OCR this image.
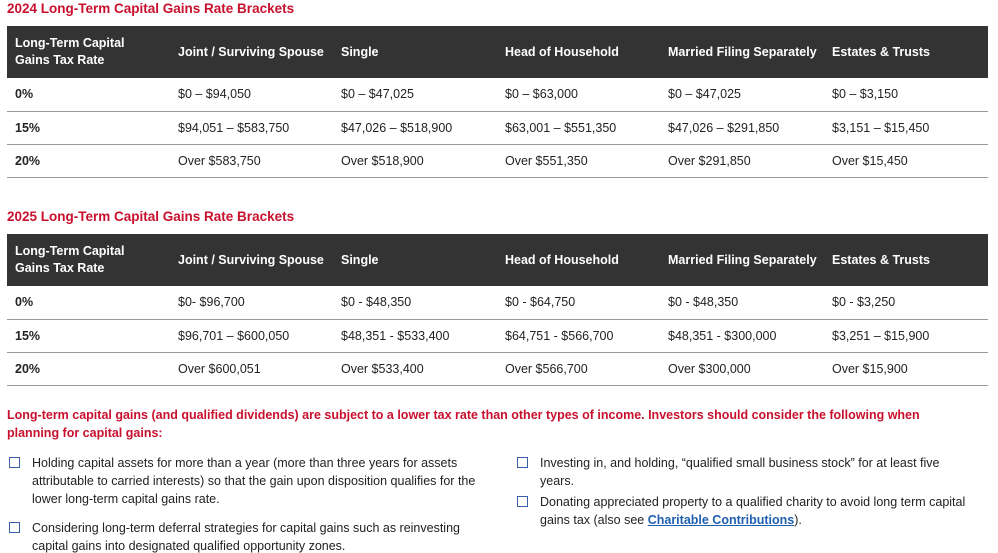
2024 Long-Term Capital Gains Rate Brackets
Long-Term Capital Gains Tax Rate	Joint / Surviving Spouse	Single	Head of Household	Married Filing Separately	Estates & Trusts
0%	$0 – $94,050	$0 – $47,025	$0 – $63,000	$0 – $47,025	$0 – $3,150
15%	$94,051 – $583,750	$47,026 – $518,900	$63,001 – $551,350	$47,026 – $291,850	$3,151 – $15,450
20%	Over $583,750	Over $518,900	Over $551,350	Over $291,850	Over $15,450
2025 Long-Term Capital Gains Rate Brackets
Long-Term Capital Gains Tax Rate	Joint / Surviving Spouse	Single	Head of Household	Married Filing Separately	Estates & Trusts
0%	$0- $96,700	$0 - $48,350	$0 - $64,750	$0 - $48,350	$0 - $3,250
15%	$96,701 – $600,050	$48,351 - $533,400	$64,751 - $566,700	$48,351 - $300,000	$3,251 – $15,900
20%	Over $600,051	Over $533,400	Over $566,700	Over $300,000	Over $15,900

Long-term capital gains (and qualified dividends) are subject to a lower tax rate than other types of income. Investors should consider the following when planning for capital gains:

Holding capital assets for more than a year (more than three years for assets attributable to carried interests) so that the gain upon disposition qualifies for the lower long-term capital gains rate.
Considering long-term deferral strategies for capital gains such as reinvesting capital gains into designated qualified opportunity zones.
Investing in, and holding, “qualified small business stock” for at least five years.
Donating appreciated property to a qualified charity to avoid long term capital gains tax (also see Charitable Contributions).
